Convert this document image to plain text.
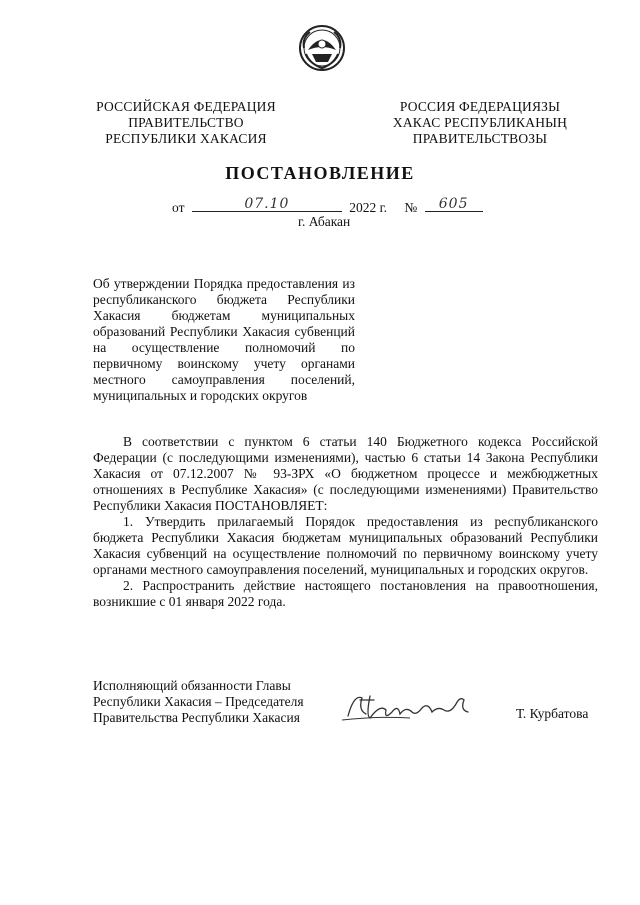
РОССИЙСКАЯ ФЕДЕРАЦИЯ
ПРАВИТЕЛЬСТВО
РЕСПУБЛИКИ ХАКАСИЯ
РОССИЯ ФЕДЕРАЦИЯЗЫ
ХАКАС РЕСПУБЛИКАНЫҢ
ПРАВИТЕЛЬСТВОЗЫ
ПОСТАНОВЛЕНИЕ
от	07.10	2022 г. №	605
г. Абакан
Об утверждении Порядка предоставления из республиканского бюджета Республики Хакасия бюджетам муниципальных образований Республики Хакасия субвенций на осуществление полномочий по первичному воинскому учету органами местного самоуправления поселений, муниципальных и городских округов

В соответствии с пунктом 6 статьи 140 Бюджетного кодекса Российской Федерации (с последующими изменениями), частью 6 статьи 14 Закона Республики Хакасия от 07.12.2007 № 93-ЗРХ «О бюджетном процессе и межбюджетных отношениях в Республике Хакасия» (с последующими изменениями) Правительство Республики Хакасия ПОСТАНОВЛЯЕТ:

1. Утвердить прилагаемый Порядок предоставления из республиканского бюджета Республики Хакасия бюджетам муниципальных образований Республики Хакасия субвенций на осуществление полномочий по первичному воинскому учету органами местного самоуправления поселений, муниципальных и городских округов.

2. Распространить действие настоящего постановления на правоотношения, возникшие с 01 января 2022 года.

Исполняющий обязанности Главы
Республики Хакасия – Председателя
Правительства Республики Хакасия	Т. Курбатова
